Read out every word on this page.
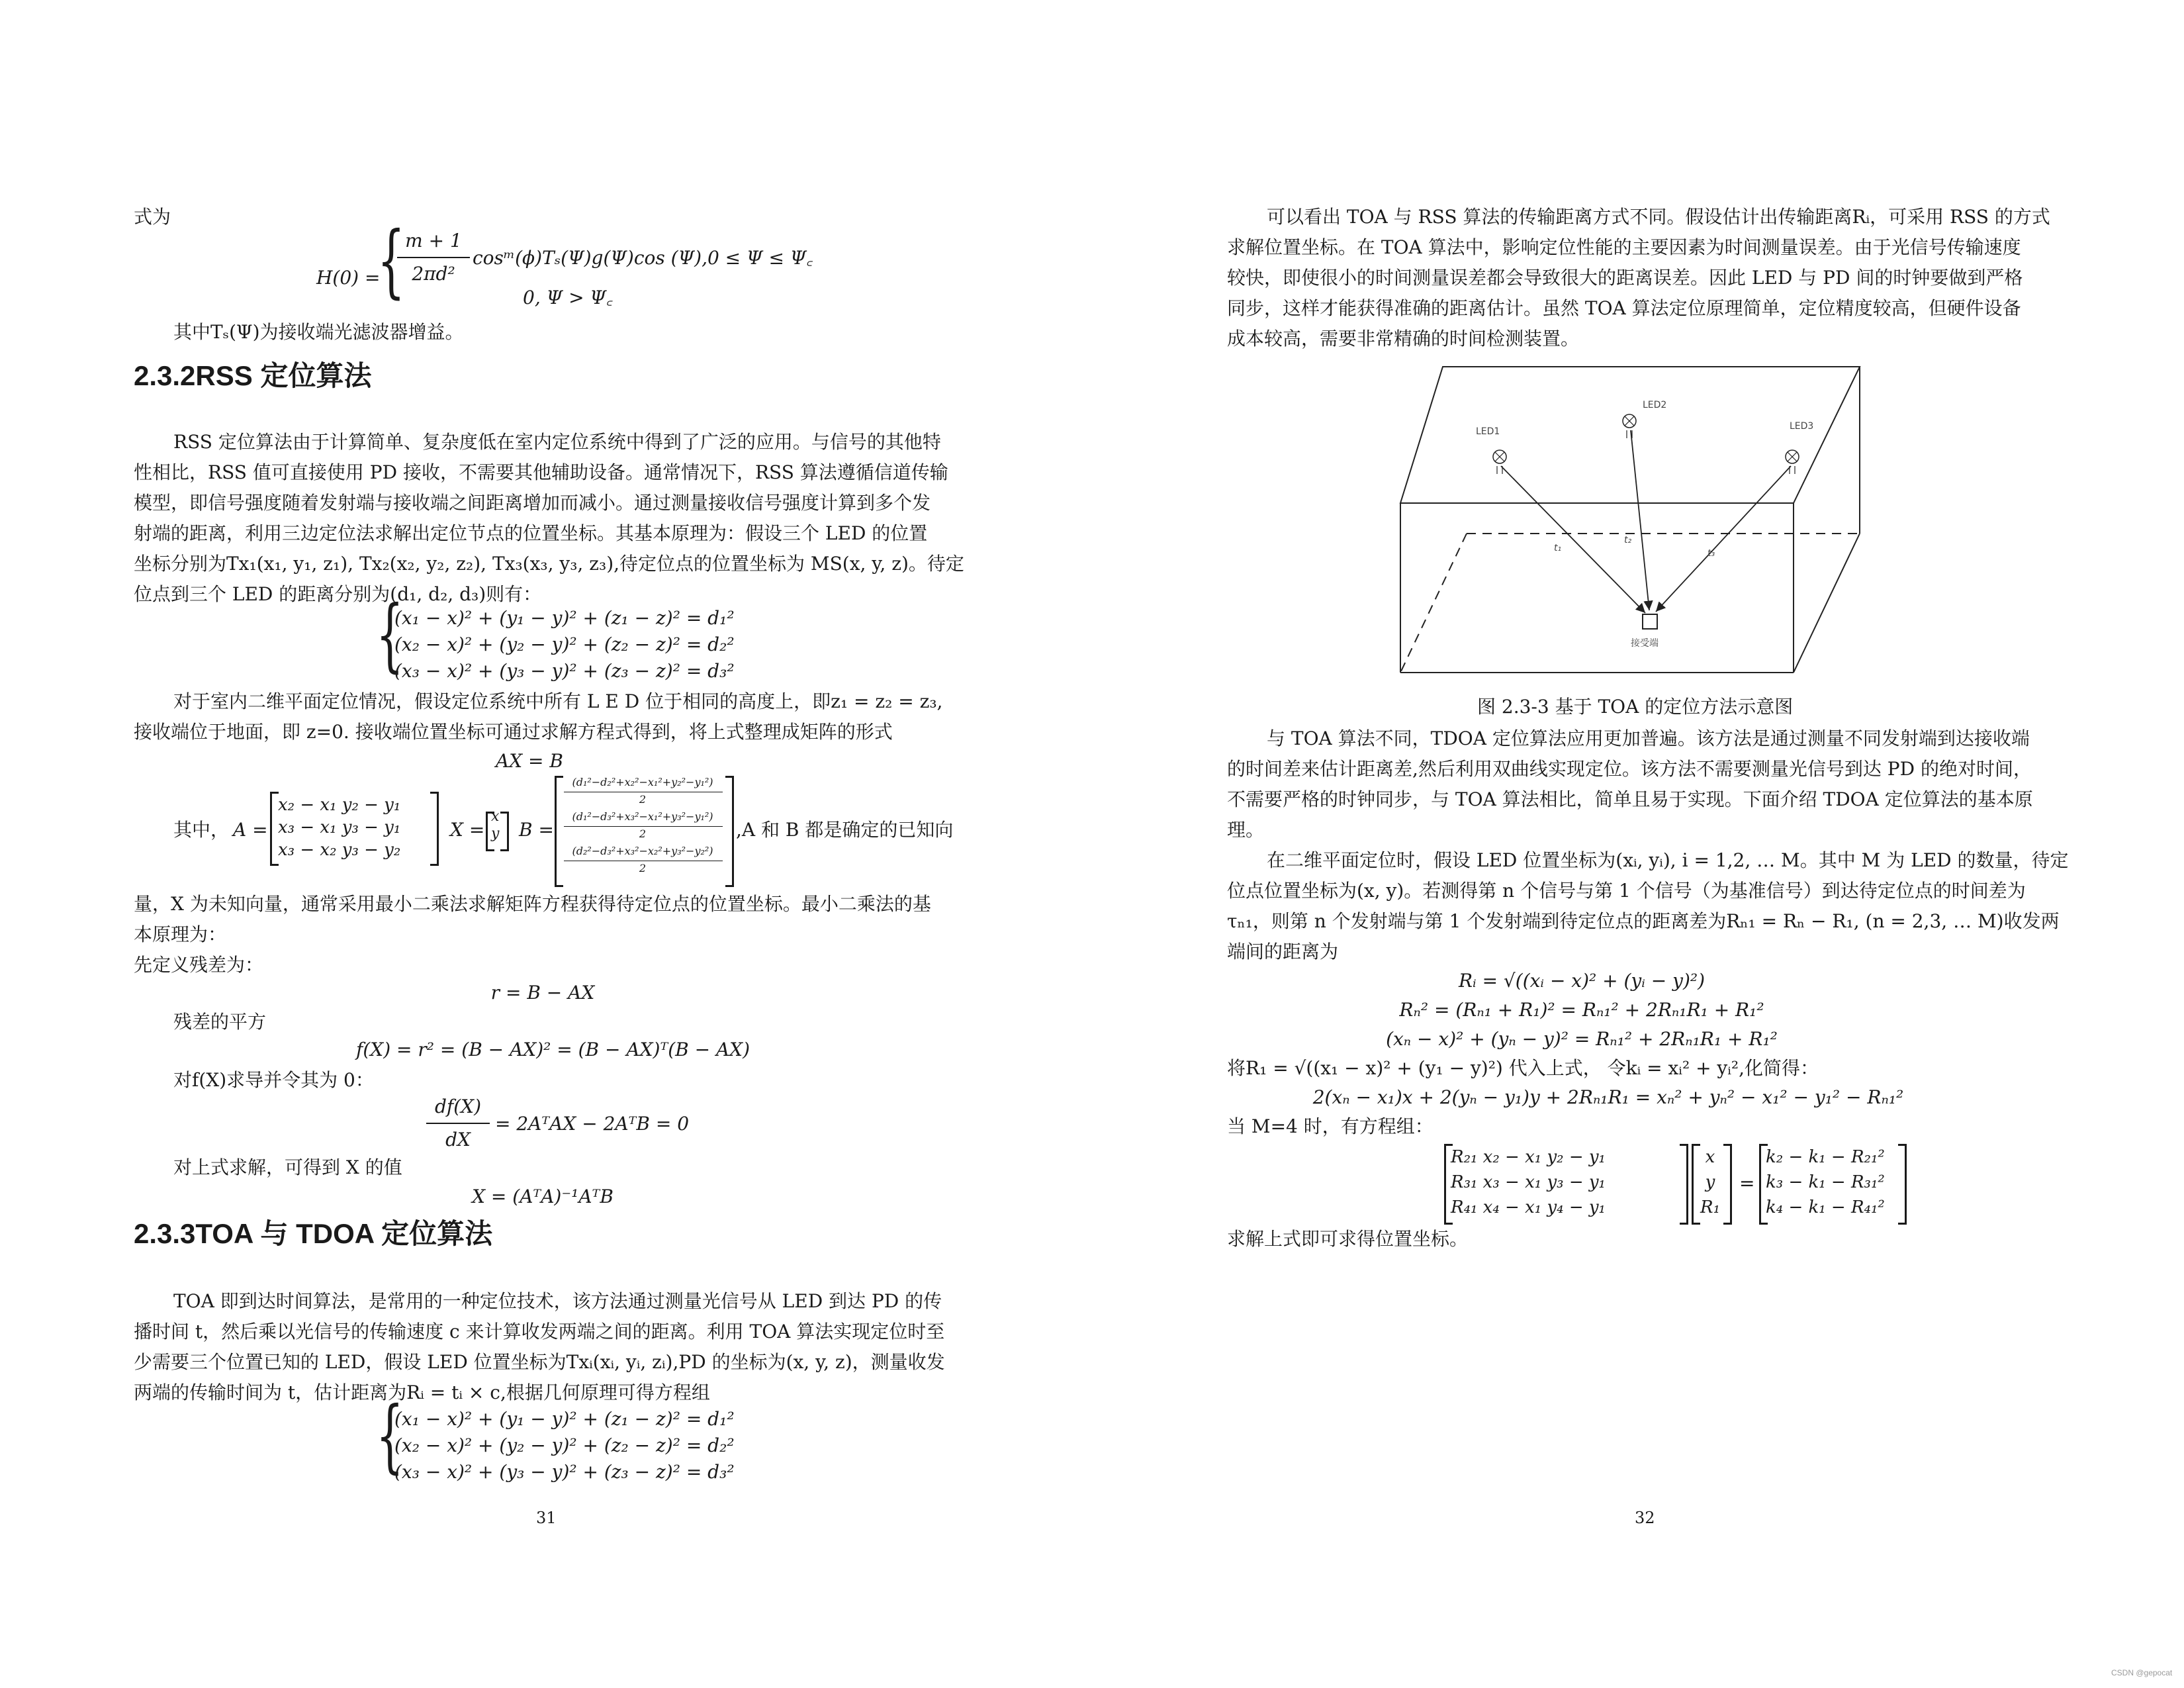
式为
H(0) =
{ m + 1
2πd²
cosᵐ(ϕ)Tₛ(Ψ)g(Ψ)cos (Ψ),0 ≤ Ψ ≤ Ψ꜀
0, Ψ > Ψ꜀
其中Tₛ(Ψ)为接收端光滤波器增益。
2.3.2RSS 定位算法
RSS 定位算法由于计算简单、复杂度低在室内定位系统中得到了广泛的应用。与信号的其他特
性相比，RSS 值可直接使用 PD 接收，不需要其他辅助设备。通常情况下，RSS 算法遵循信道传输
模型，即信号强度随着发射端与接收端之间距离增加而减小。通过测量接收信号强度计算到多个发
射端的距离，利用三边定位法求解出定位节点的位置坐标。其基本原理为：假设三个 LED 的位置
坐标分别为Tx₁(x₁, y₁, z₁), Tx₂(x₂, y₂, z₂), Tx₃(x₃, y₃, z₃),待定位点的位置坐标为 MS(x, y, z)。待定
位点到三个 LED 的距离分别为(d₁, d₂, d₃)则有：
{
(x₁ − x)² + (y₁ − y)² + (z₁ − z)² = d₁²
(x₂ − x)² + (y₂ − y)² + (z₂ − z)² = d₂²
(x₃ − x)² + (y₃ − y)² + (z₃ − z)² = d₃²
对于室内二维平面定位情况，假设定位系统中所有 L E D 位于相同的高度上，即z₁ = z₂ = z₃,
接收端位于地面，即 z=0. 接收端位置坐标可通过求解方程式得到，将上式整理成矩阵的形式
AX = B
其中， A =
x₂ − x₁ y₂ − y₁
x₃ − x₁ y₃ − y₁
x₃ − x₂ y₃ − y₂
X =
x
y B =
(d₁²−d₂²+x₂²−x₁²+y₂²−y₁²)
2
(d₁²−d₃²+x₃²−x₁²+y₃²−y₁²)
2
(d₂²−d₃²+x₃²−x₂²+y₃²−y₂²)
2
,A 和 B 都是确定的已知向
量，X 为未知向量，通常采用最小二乘法求解矩阵方程获得待定位点的位置坐标。最小二乘法的基
本原理为：
先定义残差为：
r = B − AX
残差的平方
f(X) = r² = (B − AX)² = (B − AX)ᵀ(B − AX)
对f(X)求导并令其为 0：
df(X)
dX
= 2AᵀAX − 2AᵀB = 0
对上式求解，可得到 X 的值
X = (AᵀA)⁻¹AᵀB
2.3.3TOA 与 TDOA 定位算法
TOA 即到达时间算法，是常用的一种定位技术，该方法通过测量光信号从 LED 到达 PD 的传
播时间 t，然后乘以光信号的传输速度 c 来计算收发两端之间的距离。利用 TOA 算法实现定位时至
少需要三个位置已知的 LED，假设 LED 位置坐标为Txᵢ(xᵢ, yᵢ, zᵢ),PD 的坐标为(x, y, z)，测量收发
两端的传输时间为 t，估计距离为Rᵢ = tᵢ × c,根据几何原理可得方程组
{
(x₁ − x)² + (y₁ − y)² + (z₁ − z)² = d₁²
(x₂ − x)² + (y₂ − y)² + (z₂ − z)² = d₂²
(x₃ − x)² + (y₃ − y)² + (z₃ − z)² = d₃²
31
可以看出 TOA 与 RSS 算法的传输距离方式不同。假设估计出传输距离Rᵢ，可采用 RSS 的方式
求解位置坐标。在 TOA 算法中，影响定位性能的主要因素为时间测量误差。由于光信号传输速度
较快，即使很小的时间测量误差都会导致很大的距离误差。因此 LED 与 PD 间的时钟要做到严格
同步，这样才能获得准确的距离估计。虽然 TOA 算法定位原理简单，定位精度较高，但硬件设备
成本较高，需要非常精确的时间检测装置。
LED1
LED2
LED3
t₁
t₂
t₃
接受端
图 2.3-3 基于 TOA 的定位方法示意图
与 TOA 算法不同，TDOA 定位算法应用更加普遍。该方法是通过测量不同发射端到达接收端
的时间差来估计距离差,然后利用双曲线实现定位。该方法不需要测量光信号到达 PD 的绝对时间，
不需要严格的时钟同步，与 TOA 算法相比，简单且易于实现。下面介绍 TDOA 定位算法的基本原
理。
在二维平面定位时，假设 LED 位置坐标为(xᵢ, yᵢ), i = 1,2, … M。其中 M 为 LED 的数量，待定
位点位置坐标为(x, y)。若测得第 n 个信号与第 1 个信号（为基准信号）到达待定位点的时间差为
τₙ₁，则第 n 个发射端与第 1 个发射端到待定位点的距离差为Rₙ₁ = Rₙ − R₁, (n = 2,3, … M)收发两
端间的距离为
Rᵢ = √((xᵢ − x)² + (yᵢ − y)²)
Rₙ² = (Rₙ₁ + R₁)² = Rₙ₁² + 2Rₙ₁R₁ + R₁²
(xₙ − x)² + (yₙ − y)² = Rₙ₁² + 2Rₙ₁R₁ + R₁²
将R₁ = √((x₁ − x)² + (y₁ − y)²) 代入上式， 令kᵢ = xᵢ² + yᵢ²,化简得：
2(xₙ − x₁)x + 2(yₙ − y₁)y + 2Rₙ₁R₁ = xₙ² + yₙ² − x₁² − y₁² − Rₙ₁²
当 M=4 时，有方程组：
R₂₁ x₂ − x₁ y₂ − y₁
R₃₁ x₃ − x₁ y₃ − y₁
R₄₁ x₄ − x₁ y₄ − y₁
x
y
R₁
=
k₂ − k₁ − R₂₁²
k₃ − k₁ − R₃₁²
k₄ − k₁ − R₄₁²
求解上式即可求得位置坐标。
32
CSDN @gepocat
